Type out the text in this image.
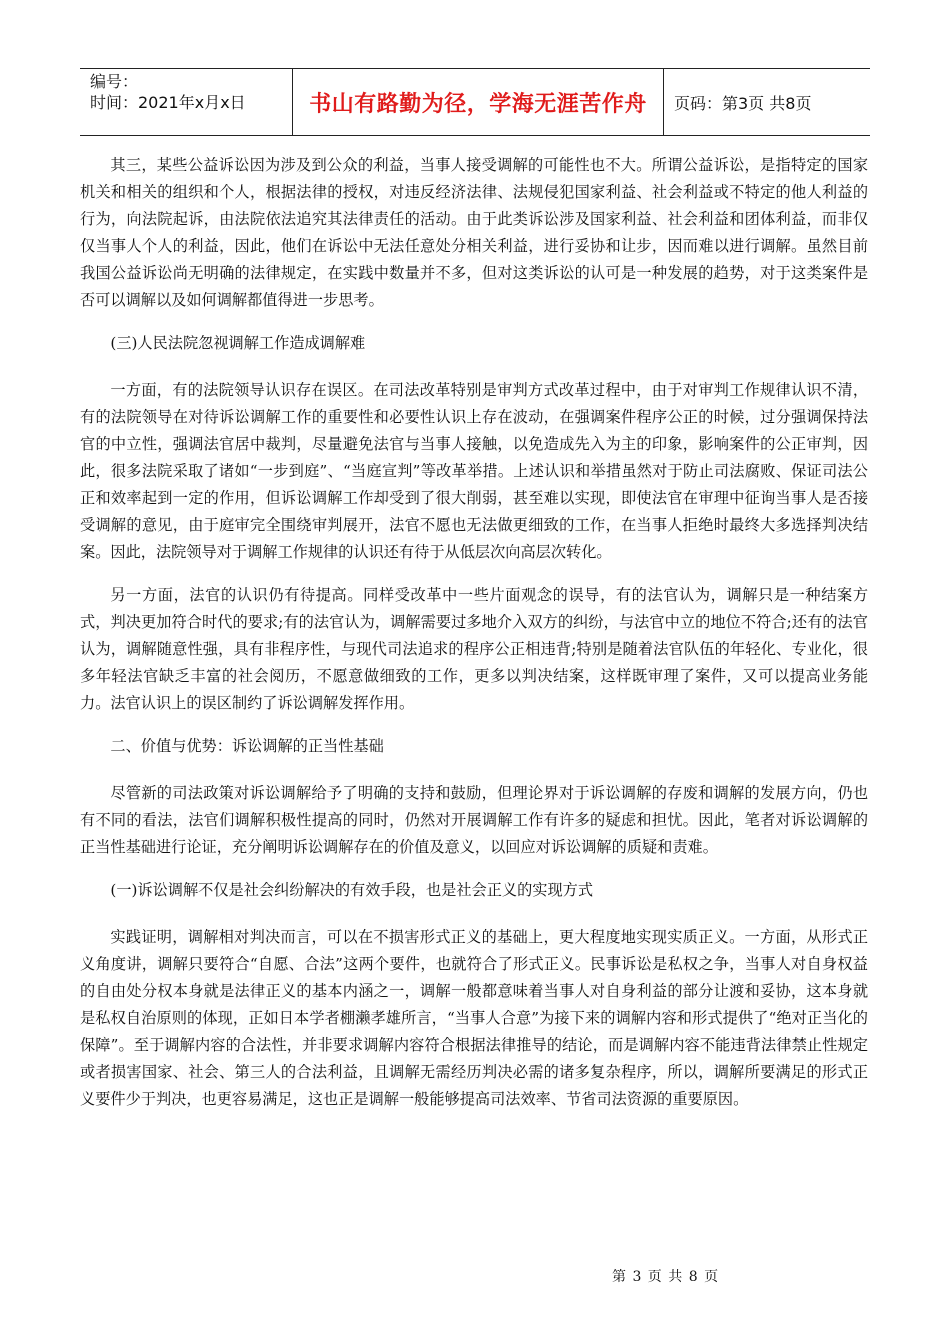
编号：
时间：2021年x月x日	书山有路勤为径，学海无涯苦作舟	页码：第3页 共8页

其三，某些公益诉讼因为涉及到公众的利益，当事人接受调解的可能性也不大。所谓公益诉讼，是指特定的国家机关和相关的组织和个人，根据法律的授权，对违反经济法律、法规侵犯国家利益、社会利益或不特定的他人利益的行为，向法院起诉，由法院依法追究其法律责任的活动。由于此类诉讼涉及国家利益、社会利益和团体利益，而非仅仅当事人个人的利益，因此，他们在诉讼中无法任意处分相关利益，进行妥协和让步，因而难以进行调解。虽然目前我国公益诉讼尚无明确的法律规定，在实践中数量并不多，但对这类诉讼的认可是一种发展的趋势，对于这类案件是否可以调解以及如何调解都值得进一步思考。

(三)人民法院忽视调解工作造成调解难

一方面，有的法院领导认识存在误区。在司法改革特别是审判方式改革过程中，由于对审判工作规律认识不清，有的法院领导在对待诉讼调解工作的重要性和必要性认识上存在波动，在强调案件程序公正的时候，过分强调保持法官的中立性，强调法官居中裁判，尽量避免法官与当事人接触，以免造成先入为主的印象，影响案件的公正审判，因此，很多法院采取了诸如“一步到庭”、“当庭宣判”等改革举措。上述认识和举措虽然对于防止司法腐败、保证司法公正和效率起到一定的作用，但诉讼调解工作却受到了很大削弱，甚至难以实现，即使法官在审理中征询当事人是否接受调解的意见，由于庭审完全围绕审判展开，法官不愿也无法做更细致的工作，在当事人拒绝时最终大多选择判决结案。因此，法院领导对于调解工作规律的认识还有待于从低层次向高层次转化。

另一方面，法官的认识仍有待提高。同样受改革中一些片面观念的误导，有的法官认为，调解只是一种结案方式，判决更加符合时代的要求;有的法官认为，调解需要过多地介入双方的纠纷，与法官中立的地位不符合;还有的法官认为，调解随意性强，具有非程序性，与现代司法追求的程序公正相违背;特别是随着法官队伍的年轻化、专业化，很多年轻法官缺乏丰富的社会阅历，不愿意做细致的工作，更多以判决结案，这样既审理了案件，又可以提高业务能力。法官认识上的误区制约了诉讼调解发挥作用。

二、价值与优势：诉讼调解的正当性基础

尽管新的司法政策对诉讼调解给予了明确的支持和鼓励，但理论界对于诉讼调解的存废和调解的发展方向，仍也有不同的看法，法官们调解积极性提高的同时，仍然对开展调解工作有许多的疑虑和担忧。因此，笔者对诉讼调解的正当性基础进行论证，充分阐明诉讼调解存在的价值及意义，以回应对诉讼调解的质疑和责难。

(一)诉讼调解不仅是社会纠纷解决的有效手段，也是社会正义的实现方式

实践证明，调解相对判决而言，可以在不损害形式正义的基础上，更大程度地实现实质正义。一方面，从形式正义角度讲，调解只要符合“自愿、合法”这两个要件，也就符合了形式正义。民事诉讼是私权之争，当事人对自身权益的自由处分权本身就是法律正义的基本内涵之一，调解一般都意味着当事人对自身利益的部分让渡和妥协，这本身就是私权自治原则的体现，正如日本学者棚濑孝雄所言，“当事人合意”为接下来的调解内容和形式提供了“绝对正当化的保障”。至于调解内容的合法性，并非要求调解内容符合根据法律推导的结论，而是调解内容不能违背法律禁止性规定或者损害国家、社会、第三人的合法利益，且调解无需经历判决必需的诸多复杂程序，所以，调解所要满足的形式正义要件少于判决，也更容易满足，这也正是调解一般能够提高司法效率、节省司法资源的重要原因。

第 3 页 共 8 页
